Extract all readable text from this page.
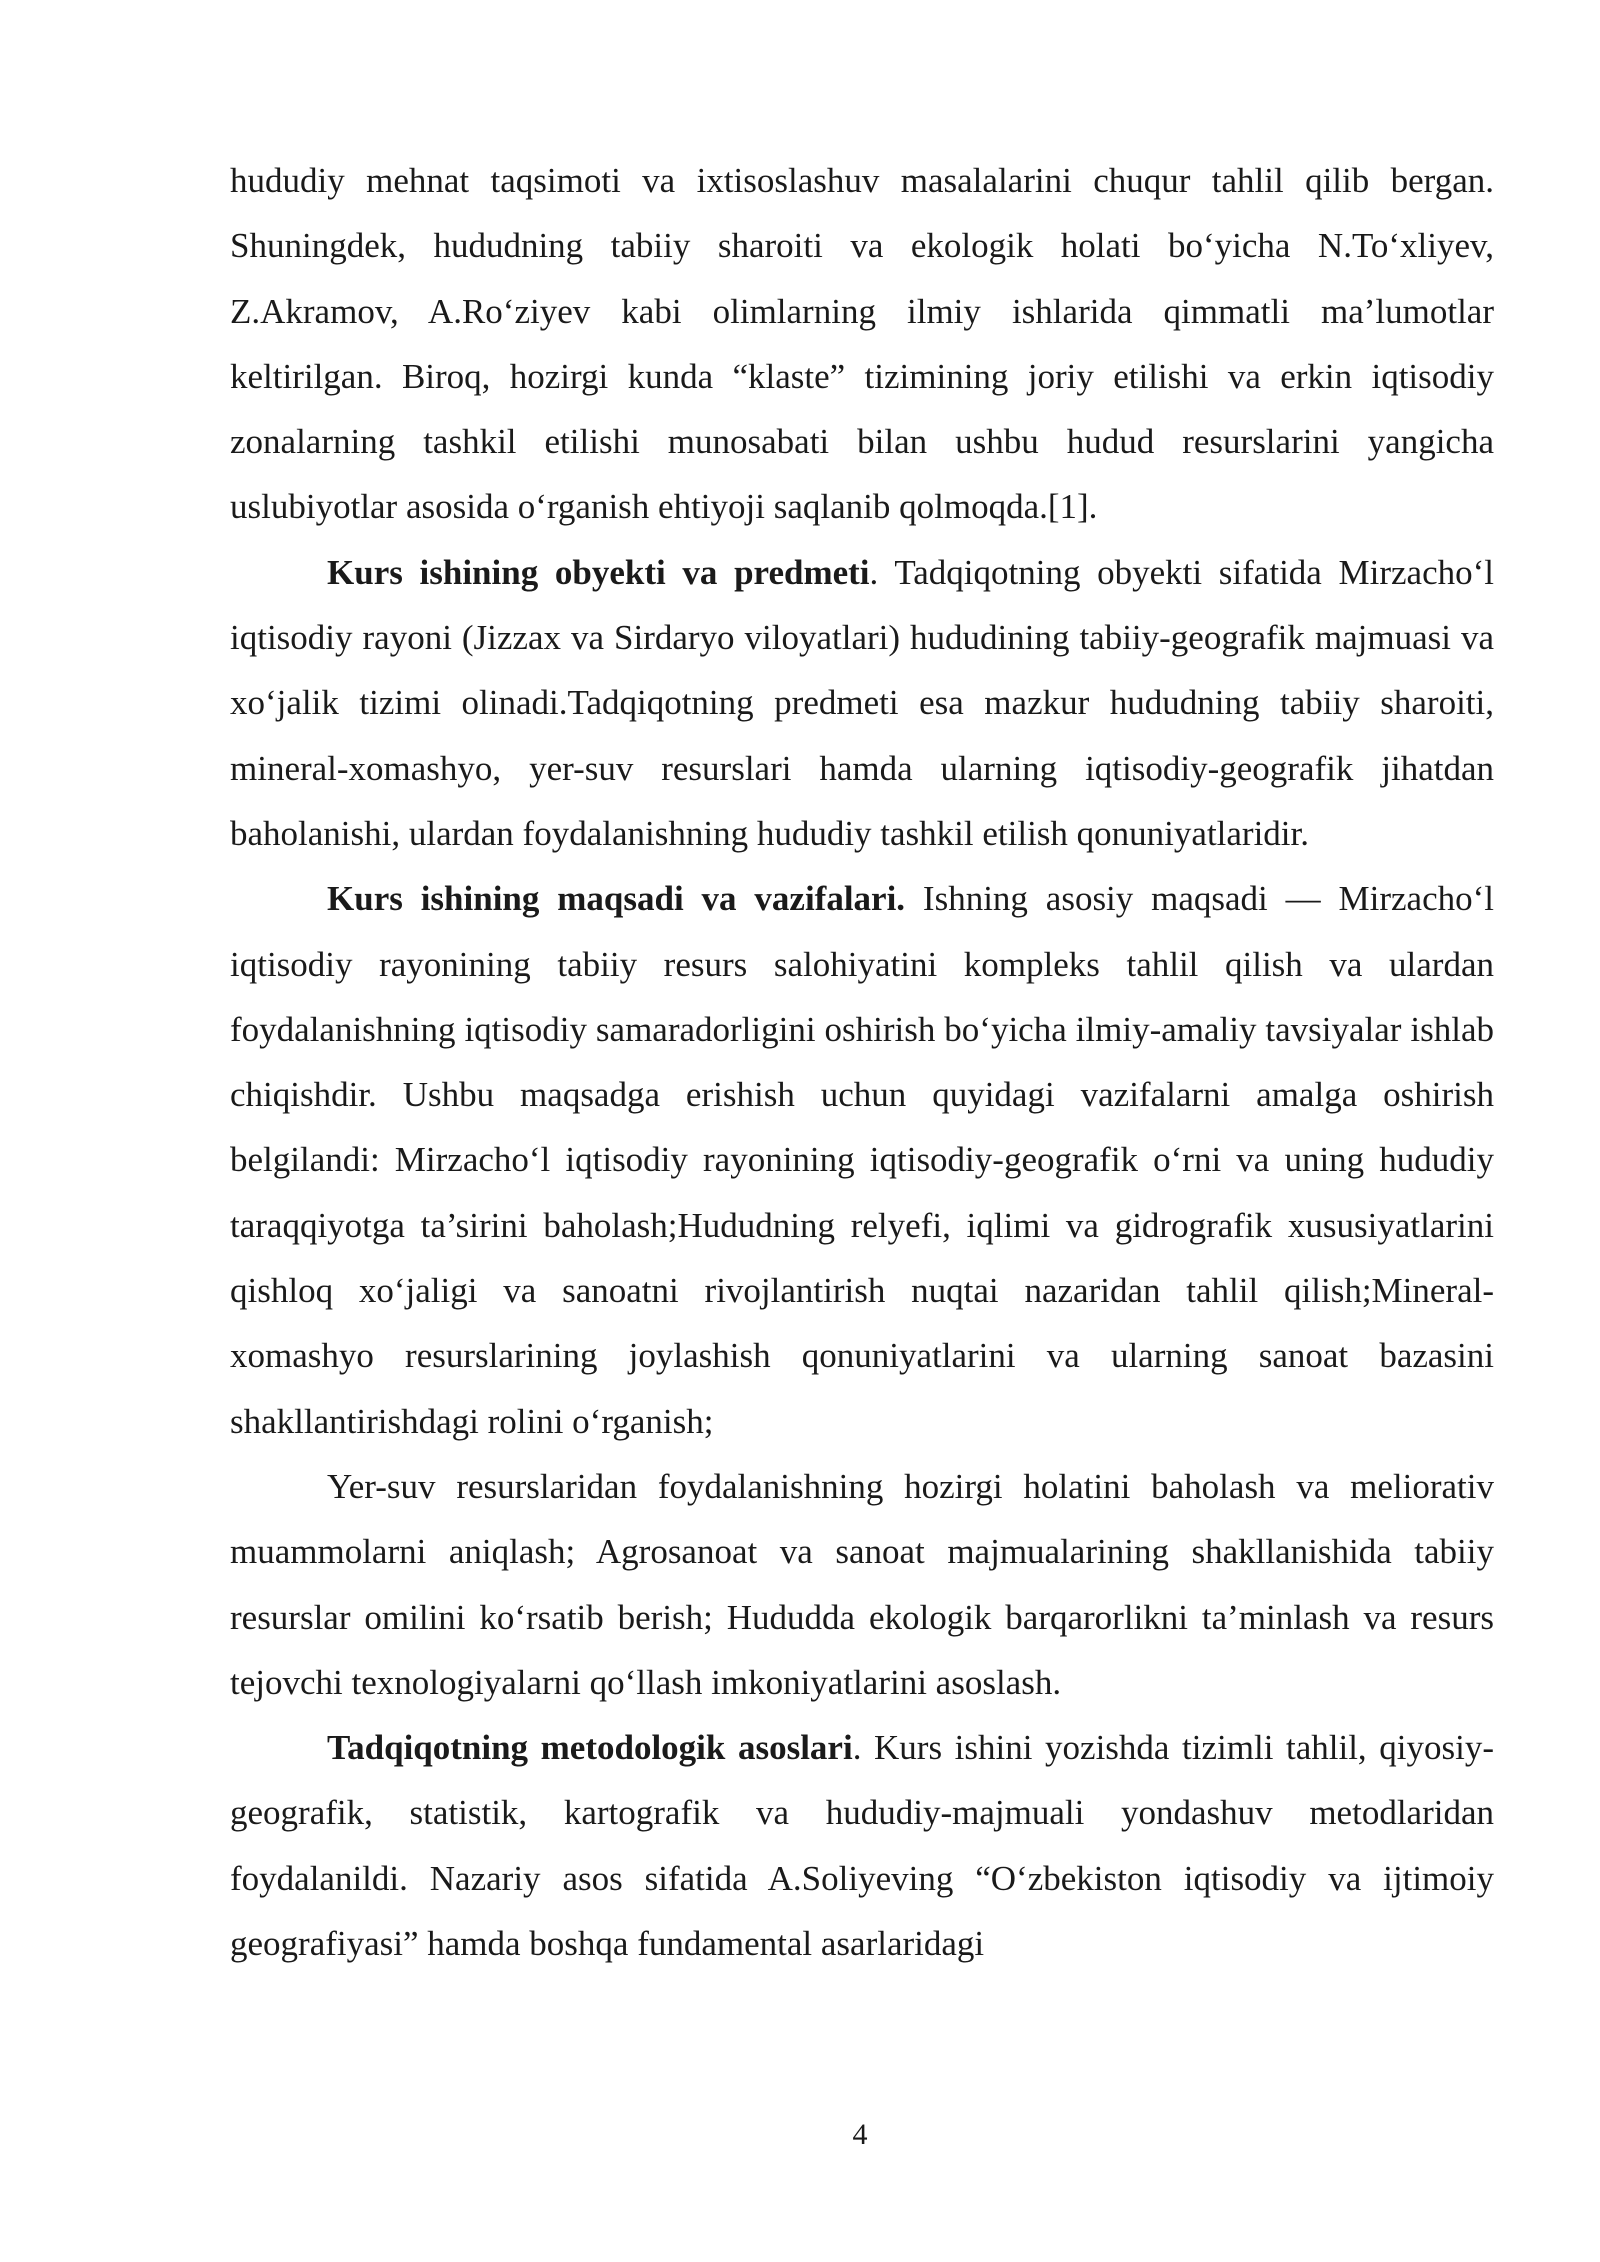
hududiy mehnat taqsimoti va ixtisoslashuv masalalarini chuqur tahlil qilib bergan. Shuningdek, hududning tabiiy sharoiti va ekologik holati bo‘yicha N.To‘xliyev, Z.Akramov, A.Ro‘ziyev kabi olimlarning ilmiy ishlarida qimmatli ma’lumotlar keltirilgan. Biroq, hozirgi kunda “klaste” tizimining joriy etilishi va erkin iqtisodiy zonalarning tashkil etilishi munosabati bilan ushbu hudud resurslarini yangicha uslubiyotlar asosida o‘rganish ehtiyoji saqlanib qolmoqda.[1].

Kurs ishining obyekti va predmeti. Tadqiqotning obyekti sifatida Mirzacho‘l iqtisodiy rayoni (Jizzax va Sirdaryo viloyatlari) hududining tabiiy-geografik majmuasi va xo‘jalik tizimi olinadi.Tadqiqotning predmeti esa mazkur hududning tabiiy sharoiti, mineral-xomashyo, yer-suv resurslari hamda ularning iqtisodiy-geografik jihatdan baholanishi, ulardan foydalanishning hududiy tashkil etilish qonuniyatlaridir.

Kurs ishining maqsadi va vazifalari. Ishning asosiy maqsadi — Mirzacho‘l iqtisodiy rayonining tabiiy resurs salohiyatini kompleks tahlil qilish va ulardan foydalanishning iqtisodiy samaradorligini oshirish bo‘yicha ilmiy-amaliy tavsiyalar ishlab chiqishdir. Ushbu maqsadga erishish uchun quyidagi vazifalarni amalga oshirish belgilandi: Mirzacho‘l iqtisodiy rayonining iqtisodiy-geografik o‘rni va uning hududiy taraqqiyotga ta’sirini baholash;Hududning relyefi, iqlimi va gidrografik xususiyatlarini qishloq xo‘jaligi va sanoatni rivojlantirish nuqtai nazaridan tahlil qilish;Mineral-xomashyo resurslarining joylashish qonuniyatlarini va ularning sanoat bazasini shakllantirishdagi rolini o‘rganish;

Yer-suv resurslaridan foydalanishning hozirgi holatini baholash va meliorativ muammolarni aniqlash; Agrosanoat va sanoat majmualarining shakllanishida tabiiy resurslar omilini ko‘rsatib berish; Hududda ekologik barqarorlikni ta’minlash va resurs tejovchi texnologiyalarni qo‘llash imkoniyatlarini asoslash.

Tadqiqotning metodologik asoslari. Kurs ishini yozishda tizimli tahlil, qiyosiy-geografik, statistik, kartografik va hududiy-majmuali yondashuv metodlaridan foydalanildi. Nazariy asos sifatida A.Soliyeving “O‘zbekiston iqtisodiy va ijtimoiy geografiyasi” hamda boshqa fundamental asarlaridagi

4
